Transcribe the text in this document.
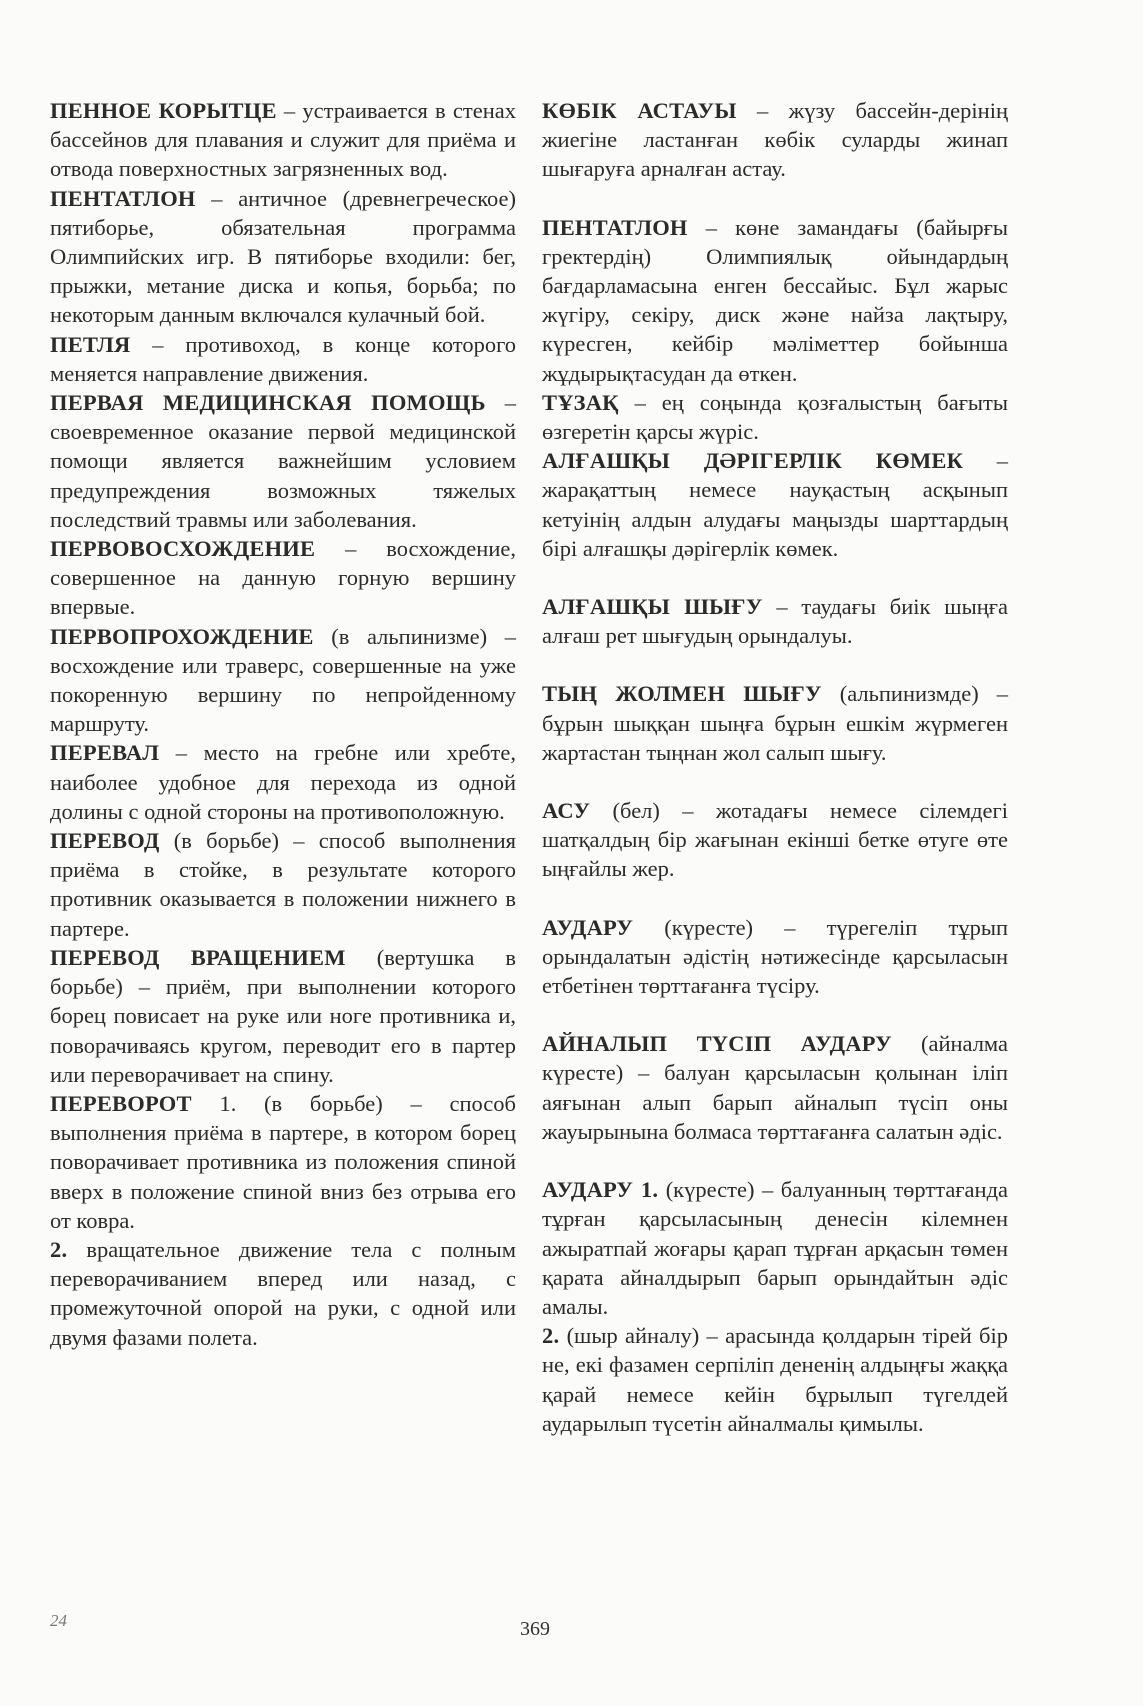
ПЕННОЕ КОРЫТЦЕ – устраивается в стенах бассейнов для плавания и служит для приёма и отвода поверхностных загрязненных вод.

ПЕНТАТЛОН – античное (древнегреческое) пятиборье, обязательная программа Олимпийских игр. В пятиборье входили: бег, прыжки, метание диска и копья, борьба; по некоторым данным включался кулачный бой.

ПЕТЛЯ – противоход, в конце которого меняется направление движения.

ПЕРВАЯ МЕДИЦИНСКАЯ ПОМОЩЬ – своевременное оказание первой медицинской помощи является важнейшим условием предупреждения возможных тяжелых последствий травмы или заболевания.

ПЕРВОВОСХОЖДЕНИЕ – восхождение, совершенное на данную горную вершину впервые.

ПЕРВОПРОХОЖДЕНИЕ (в альпинизме) – восхождение или траверс, совершенные на уже покоренную вершину по непройденному маршруту.

ПЕРЕВАЛ – место на гребне или хребте, наиболее удобное для перехода из одной долины с одной стороны на противоположную.

ПЕРЕВОД (в борьбе) – способ выполнения приёма в стойке, в результате которого противник оказывается в положении нижнего в партере.

ПЕРЕВОД ВРАЩЕНИЕМ (вертушка в борьбе) – приём, при выполнении которого борец повисает на руке или ноге противника и, поворачиваясь кругом, переводит его в партер или переворачивает на спину.

ПЕРЕВОРОТ 1. (в борьбе) – способ выполнения приёма в партере, в котором борец поворачивает противника из положения спиной вверх в положение спиной вниз без отрыва его от ковра.

2. вращательное движение тела с полным переворачиванием вперед или назад, с промежуточной опорой на руки, с одной или двумя фазами полета.

КӨБІК АСТАУЫ – жүзу бассейн-дерінің жиегіне ластанған көбік суларды жинап шығаруға арналған астау.

ПЕНТАТЛОН – көне замандағы (байырғы гректердің) Олимпиялық ойындардың бағдарламасына енген бессайыс. Бұл жарыс жүгіру, секіру, диск және найза лақтыру, күресген, кейбір мәліметтер бойынша жұдырықтасудан да өткен.

ТҰЗАҚ – ең соңында қозғалыстың бағыты өзгеретін қарсы жүріс.

АЛҒАШҚЫ ДӘРІГЕРЛІК КӨМЕК – жарақаттың немесе науқастың асқынып кетуінің алдын алудағы маңызды шарттардың бірі алғашқы дәрігерлік көмек.

АЛҒАШҚЫ ШЫҒУ – таудағы биік шыңға алғаш рет шығудың орындалуы.

ТЫҢ ЖОЛМЕН ШЫҒУ (альпинизмде) – бұрын шыққан шыңға бұрын ешкім жүрмеген жартастан тыңнан жол салып шығу.

АСУ (бел) – жотадағы немесе сілемдегі шатқалдың бір жағынан екінші бетке өтуге өте ыңғайлы жер.

АУДАРУ (күресте) – түрегеліп тұрып орындалатын әдістің нәтижесінде қарсыласын етбетінен төрттағанға түсіру.

АЙНАЛЫП ТҮСІП АУДАРУ (айналма күресте) – балуан қарсыласын қолынан іліп аяғынан алып барып айналып түсіп оны жауырынына болмаса төрттағанға салатын әдіс.

АУДАРУ 1. (күресте) – балуанның төрттағанда тұрған қарсыласының денесін кілемнен ажыратпай жоғары қарап тұрған арқасын төмен қарата айналдырып барып орындайтын әдіс амалы.

2. (шыр айналу) – арасында қолдарын тірей бір не, екі фазамен серпіліп дененің алдыңғы жаққа қарай немесе кейін бұрылып түгелдей аударылып түсетін айналмалы қимылы.

24	369
